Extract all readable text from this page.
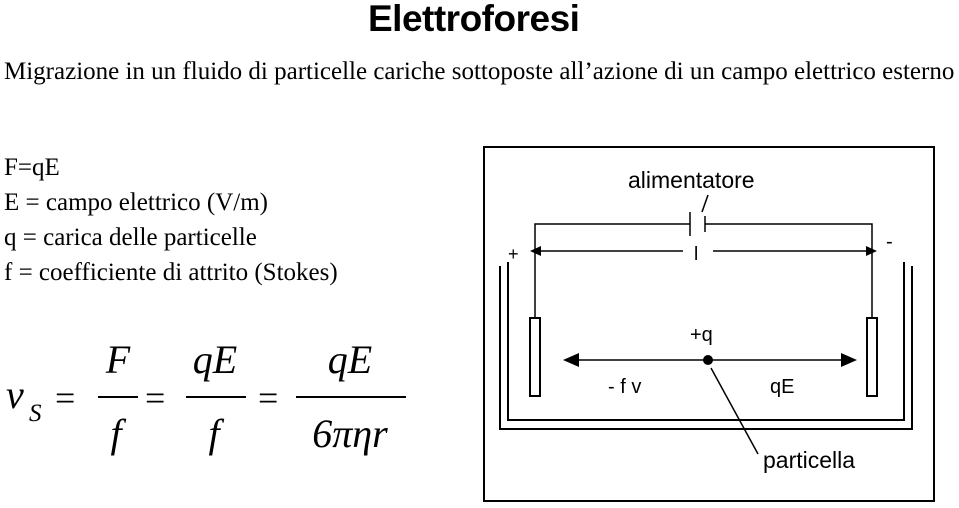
Elettroforesi
Migrazione in un fluido di particelle cariche sottoposte all’azione di un campo elettrico esterno
F=qE
E = campo elettrico (V/m)
q = carica delle particelle
f = coefficiente di attrito (Stokes)
v S
F
f
qE
f
qE
6πηr
= =	=
alimentatore
+
-
l
+q
- f v	qE
particella
